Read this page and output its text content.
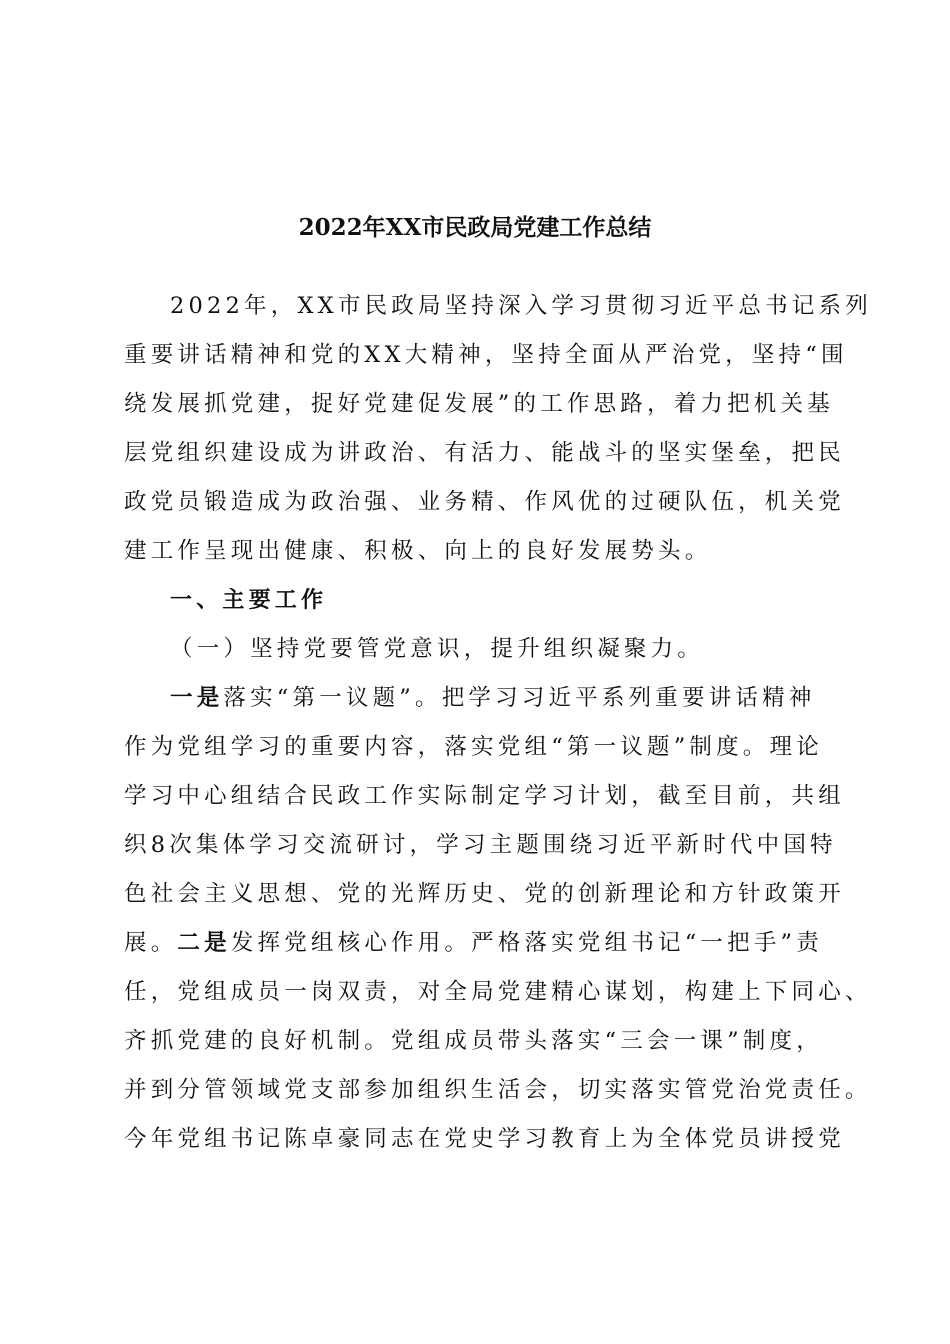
2022年XX市民政局党建工作总结
2022年，XX市民政局坚持深入学习贯彻习近平总书记系列
重要讲话精神和党的XX大精神，坚持全面从严治党，坚持“围
绕发展抓党建，捉好党建促发展”的工作思路，着力把机关基
层党组织建设成为讲政治、有活力、能战斗的坚实堡垒，把民
政党员锻造成为政治强、业务精、作风优的过硬队伍，机关党
建工作呈现出健康、积极、向上的良好发展势头。
一、主要工作
（一）坚持党要管党意识，提升组织凝聚力。
一是落实“第一议题”。把学习习近平系列重要讲话精神
作为党组学习的重要内容，落实党组“第一议题”制度。理论
学习中心组结合民政工作实际制定学习计划，截至目前，共组
织8次集体学习交流研讨，学习主题围绕习近平新时代中国特
色社会主义思想、党的光辉历史、党的创新理论和方针政策开
展。二是发挥党组核心作用。严格落实党组书记“一把手”责
任，党组成员一岗双责，对全局党建精心谋划，构建上下同心、
齐抓党建的良好机制。党组成员带头落实“三会一课”制度，
并到分管领域党支部参加组织生活会，切实落实管党治党责任。
今年党组书记陈卓豪同志在党史学习教育上为全体党员讲授党
